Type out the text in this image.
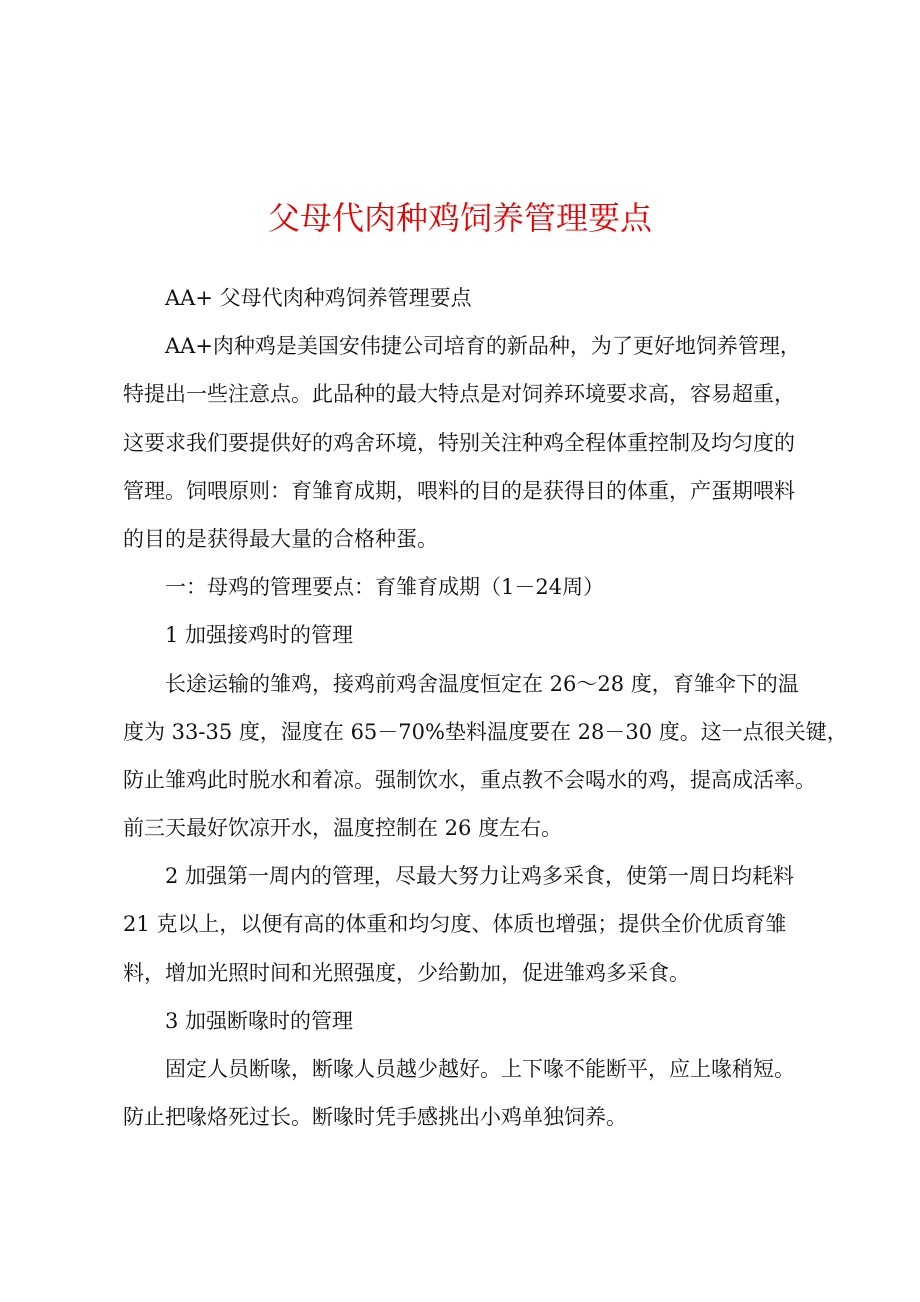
父母代肉种鸡饲养管理要点
AA+ 父母代肉种鸡饲养管理要点
AA+肉种鸡是美国安伟捷公司培育的新品种，为了更好地饲养管理，
特提出一些注意点。此品种的最大特点是对饲养环境要求高，容易超重，
这要求我们要提供好的鸡舍环境，特别关注种鸡全程体重控制及均匀度的
管理。饲喂原则：育雏育成期，喂料的目的是获得目的体重，产蛋期喂料
的目的是获得最大量的合格种蛋。
一：母鸡的管理要点：育雏育成期（1－24周）
1 加强接鸡时的管理
长途运输的雏鸡，接鸡前鸡舍温度恒定在 26～28 度，育雏伞下的温
度为 33-35 度，湿度在 65－70%垫料温度要在 28－30 度。这一点很关键，
防止雏鸡此时脱水和着凉。强制饮水，重点教不会喝水的鸡，提高成活率。
前三天最好饮凉开水，温度控制在 26 度左右。
2 加强第一周内的管理，尽最大努力让鸡多采食，使第一周日均耗料
21 克以上，以便有高的体重和均匀度、体质也增强；提供全价优质育雏
料，增加光照时间和光照强度，少给勤加，促进雏鸡多采食。
3 加强断喙时的管理
固定人员断喙，断喙人员越少越好。上下喙不能断平，应上喙稍短。
防止把喙烙死过长。断喙时凭手感挑出小鸡单独饲养。
